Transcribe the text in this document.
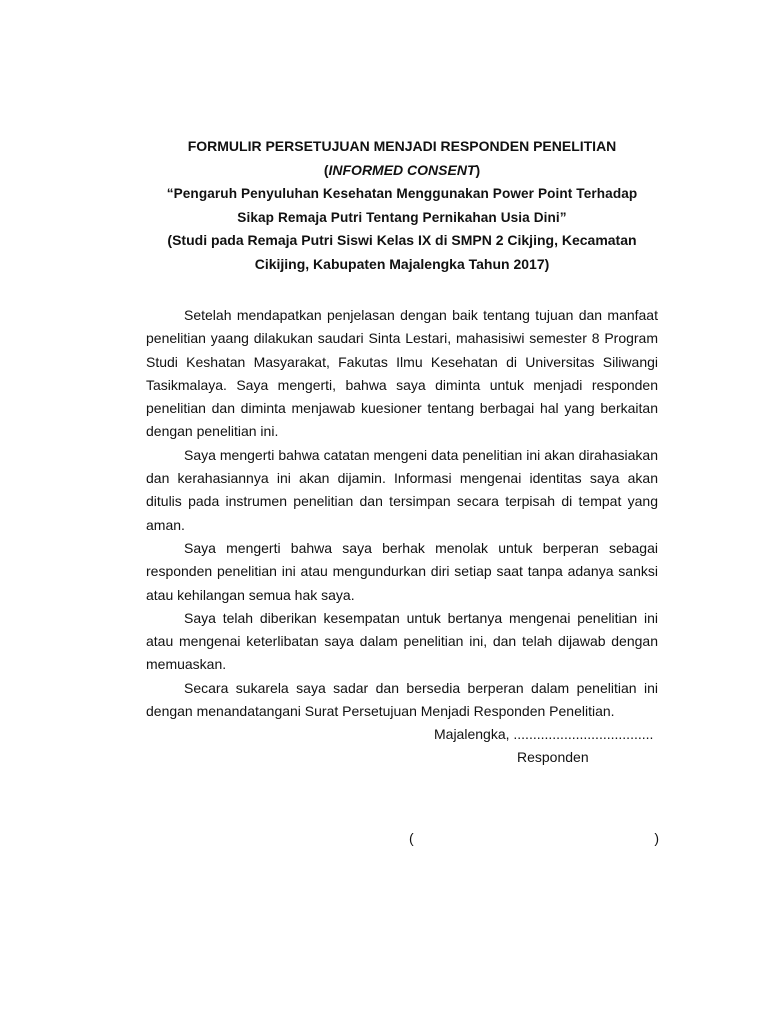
FORMULIR PERSETUJUAN MENJADI RESPONDEN PENELITIAN

(INFORMED CONSENT)

“Pengaruh Penyuluhan Kesehatan Menggunakan Power Point Terhadap

Sikap Remaja Putri Tentang Pernikahan Usia Dini”

(Studi pada Remaja Putri Siswi Kelas IX di SMPN 2 Cikjing, Kecamatan

Cikijing, Kabupaten Majalengka Tahun 2017)

Setelah mendapatkan penjelasan dengan baik tentang tujuan dan manfaat penelitian yaang dilakukan saudari Sinta Lestari, mahasisiwi semester 8 Program Studi Keshatan Masyarakat, Fakutas Ilmu Kesehatan di Universitas Siliwangi Tasikmalaya. Saya mengerti, bahwa saya diminta untuk menjadi responden penelitian dan diminta menjawab kuesioner tentang berbagai hal yang berkaitan dengan penelitian ini.

Saya mengerti bahwa catatan mengeni data penelitian ini akan dirahasiakan dan kerahasiannya ini akan dijamin. Informasi mengenai identitas saya akan ditulis pada instrumen penelitian dan tersimpan secara terpisah di tempat yang aman.

Saya mengerti bahwa saya berhak menolak untuk berperan sebagai responden penelitian ini atau mengundurkan diri setiap saat tanpa adanya sanksi atau kehilangan semua hak saya.

Saya telah diberikan kesempatan untuk bertanya mengenai penelitian ini atau mengenai keterlibatan saya dalam penelitian ini, dan telah dijawab dengan memuaskan.

Secara sukarela saya sadar dan bersedia berperan dalam penelitian ini dengan menandatangani Surat Persetujuan Menjadi Responden Penelitian.

Majalengka, ....................................
Responden
(	)
